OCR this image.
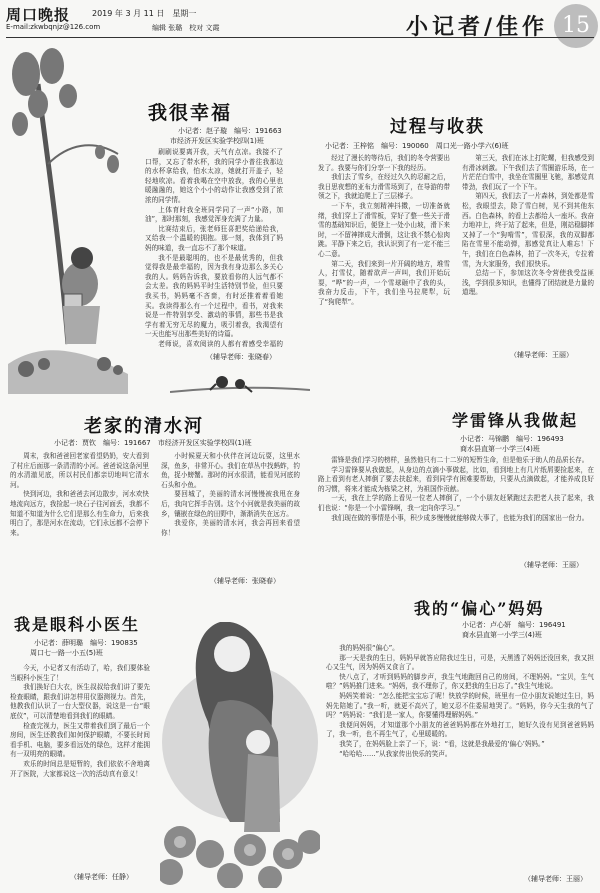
周口晚报	2019 年 3 月 11 日　星期一
E-mail:zkwbqnjz@126.com	编辑 张璐　校对 文霞	小记者/佳作 15
我很幸福
小记者：赵子璇　编号：191663
市经济开发区实验学校四(1)班

刷刷说要离开我，天气有点凉。我接不了口帮，又忘了带水杯，我的同学小普往我那边的水杯拿给我，怕水太凉，她就打开盖子，轻轻地吹凉。看着我喝在空中放我，我的心里也暖融融的，她这个小小的动作让我感受到了浓浓的同学情。

上体育时我全班同学同了一声“小路，加油”，那时那刻，我感觉浑身充满了力量。

比赛结束后，张老师狂喜把奖给递给我，又给我一个温暖的拥抱。那一刻，我体到了妈妈的味道，我一直忘不了那个味道。

我不是最聪明的，也不是最优秀的，但我觉得我是最幸福的，因为我有身边那么多关心我的人。妈妈告诉我，要放看你的人远气都不会太差。我的妈妈平时生活特别节俭，但只要我买书，妈妈毫不吝啬，有时还推着着看她买。我读得那么有一个过程中，看书，对我来说是一件特别享受、激动的事情，那些书是我学有着无穷无尽的魔力，吸引着我，我渴望有一天也能写出那些美好的诗篇。

老师说，喜欢阅读的人都有着感受幸福的

（辅导老师：张晓春）
过程与收获
小记者：王梓铭　编号：190060　周口光一路小学六(6)班

经过了漫长的等待后，我们的冬令营要出发了。我要与你们分享一下我的经历。

我们去了雪乡，在经过久久的忍耐之后，我日思夜想的亚布力滑雪场到了，在导游的带领之下，我就迫爬上了三层梯子。

一下车，我立刻精神抖擞，一切准备就绪，我们穿上了滑雪板，穿好了整一些关于滑雪的基础知识后，便登上一处小山坡，滑下来时，一不留神摔成大滑倒，这让我不禁心惊肉跳。平静下来之后，我认识到了有一定不能三心二意。

第二天，我们来到一片开阔的地方，堆雪人，打雪仗，随着欲声一声叫，我们开始玩耍，“哗”的一声，一个雪球砸中了我的头，我奋力反击，下午，我们坐马拉爬犁，玩了“狗爬犁”。

第三天，我们在冰上打陀螺，但我感受到有滑冰刺激。下午我们去了雪圈游乐场，在一片茫茫白雪中，我坐在雪圈里飞驰，那感觉真带劲，我们玩了一个下午。

第四天，我们去了一片森林，到处都是雪松，我眼望去，除了雪白树，见不到其他东西。白色森林，的看上去都给人一座坏。我奋力地冲上，终于站了起来，但是，刚站稳脚摔又掉了一个“狗啃雪”，雪很深，我的双脚都陷在雪里不能动弹，那感觉真让人难忘！下午，我们在白色森林，拍了一次冬天，专拉着雪，为大家服务，我们很快乐。

总结一下，参加这次冬令营使我受益匪浅，学到很多知识，也懂得了团结就是力量的道理。

（辅导老师：王丽）
老家的清水河
小记者：贾钦　编号：191667　市经济开发区实验学校四(1)班

周末，我和爸爸回老家看望奶奶，安大看到了村庄后面那一条清清的小河。爸爸说这条河里的水清澈见底，所以村民们都亲切地叫它清水河。

快到河边，我和爸爸去河边散步，河水欢快地流向远方，我捡起一块石子往河面丢，我都不知道不知道为什么它们是那么有生命力，后来我明白了，那是河水在流动，它们永远都不会停下来。

小时候夏天和小伙伴在河边玩耍，这里水深，鱼多，非常开心。我们在草丛中找蚂蚱，钓鱼，捉小螃蟹。那时的河水很清，能看见河底的石头和小鱼。

要回城了，美丽的清水河慢慢被我甩在身后，我向它挥手告别。这个小河就是我美丽的故乡，镶嵌在绿色的田野中，渐渐消失在远方。

我爱你，美丽的清水河，我会再回来看望你！

（辅导老师：张晓春）
学雷锋从我做起
小记者：马锦鹏　编号：196493
商水县直第一小学三(4)班

雷锋是我们学习的榜样，虽然他只有二十二岁的短暂生命，但是他乐于助人的品质长存。

学习雷锋要从我做起，从身边的点滴小事做起，比如，看到地上有几片纸屑要捡起来，在路上看到有老人摔倒了要去扶起来，看到同学有困难要帮助，只要从点滴做起，才能养成良好的习惯，将来才能成为栋梁之材，为祖国作贡献。

一天，我在上学的路上看见一位老人摔倒了，一个小朋友赶紧跑过去把老人扶了起来，我们也说：“你是一个小雷锋啊，我一定向你学习。”

我们现在做的事情是小事，积少成多慢慢就能够做大事了，也能为我们的国家出一份力。

（辅导老师：王丽）
我是眼科小医生
小记者：薛明璐　编号：190835
周口七一路一小五(5)班

今天，小记者又有活动了，哈，我们要体验当眼科小医生了！

我们换好白大衣，医生叔叔给我们讲了要先检查眼睛，跟我们讲怎样用仪器测视力。首先，他教我们认识了一台大型仪器，说这是一台“眼底仪”，可以清楚地看到我们的眼睛。

检查完视力，医生又带着我们到了最后一个房间，医生还教我们如何保护眼睛，不要长时间看手机、电脑，要多看远处的绿色，这样才能拥有一双明亮的眼睛。

欢乐的时间总是短暂的，我们依依不舍地离开了医院，大家都说这一次的活动真有意义！

（辅导老师：任静）
我的“偏心”妈妈
小记者：卢心妍　编号：196491
商水县直第一小学三(4)班

我的妈妈很“偏心”。

那一天是我的生日，妈妈早就答应陪我过生日，可是，天黑透了妈妈还没回来，我又担心又生气，因为妈妈又食言了。

快八点了，才听到妈妈的脚步声，我生气地跑回自己的房间，不理妈妈。“宝贝，生气啦？”妈妈推门进来。“妈妈，我不理你了，你又把我的生日忘了。”我生气地说。

妈妈笑着说：“怎么能把宝宝忘了呢！快放学的时候，班里有一位小朋友说她过生日，妈妈先陪她了。”我一听，就更不高兴了，她又忍不住委屈地哭了。“妈妈，你今天生我的气了吗？”妈妈说：“我们是一家人，你要懂得理解妈妈。”

我便问妈妈，才知道那个小朋友的爸爸妈妈都在外地打工，她好久没有见到爸爸妈妈了，我一听，也不再生气了，心里暖暖的。

我笑了，在妈妈脸上亲了一下，说：“看，这就是我最爱的‘偏心’妈妈。”

“哈哈哈……”从我家传出快乐的笑声。

（辅导老师：王丽）
